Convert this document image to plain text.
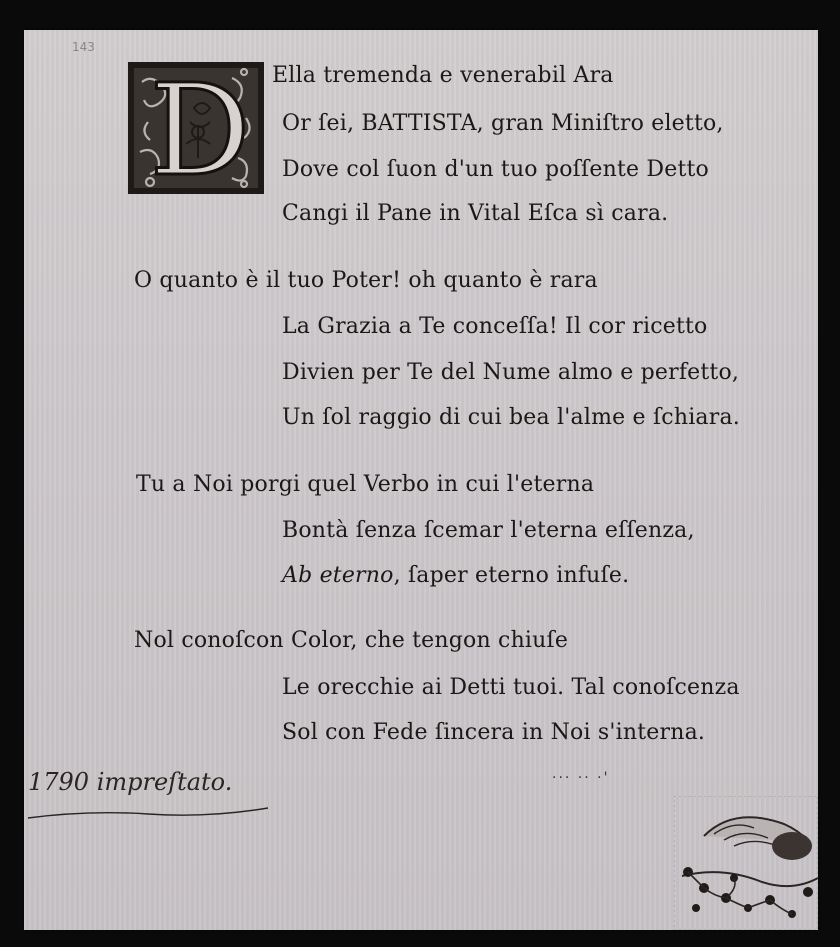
143
D Ella tremenda e venerabil Ara
Or ſei, BATTISTA, gran Miniſtro eletto,
Dove col ſuon d'un tuo poſſente Detto
Cangi il Pane in Vital Eſca sì cara.
O quanto è il tuo Poter! oh quanto è rara
La Grazia a Te conceſſa! Il cor ricetto
Divien per Te del Nume almo e perfetto,
Un ſol raggio di cui bea l'alme e ſchiara.
Tu a Noi porgi quel Verbo in cui l'eterna
Bontà ſenza ſcemar l'eterna eſſenza,
Ab eterno, ſaper eterno infuſe.
Nol conoſcon Color, che tengon chiuſe
Le orecchie ai Detti tuoi. Tal conoſcenza
Sol con Fede ſincera in Noi s'interna.
··· ·· ·'
1790 impreſtato.
